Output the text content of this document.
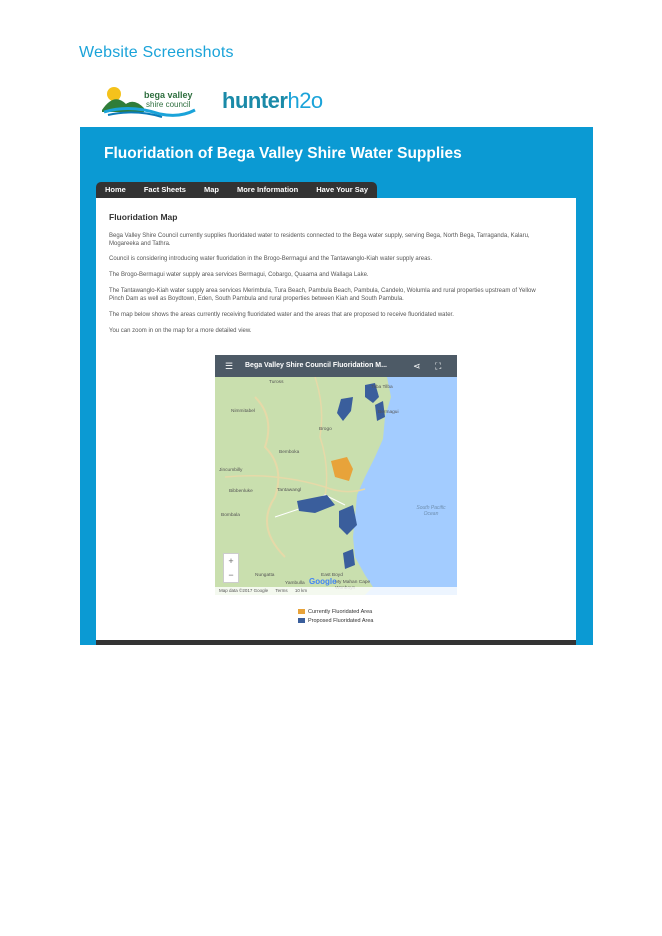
Website Screenshots
bega valley
shire council hunterh2o
Fluoridation of Bega Valley Shire Water Supplies
Home	Fact Sheets	Map	More Information	Have Your Say
Fluoridation Map
Bega Valley Shire Council currently supplies fluoridated water to residents connected to the Bega water supply, serving Bega, North Bega, Tarraganda, Kalaru, Mogareeka and Tathra.
Council is considering introducing water fluoridation in the Brogo-Bermagui and the Tantawanglo-Kiah water supply areas.
The Brogo-Bermagui water supply area services Bermagui, Cobargo, Quaama and Wallaga Lake.
The Tantawanglo-Kiah water supply area services Merimbula, Tura Beach, Pambula Beach, Pambula, Candelo, Wolumla and rural properties upstream of Yellow Pinch Dam as well as Boydtown, Eden, South Pambula and rural properties between Kiah and South Pambula.
The map below shows the areas currently receiving fluoridated water and the areas that are proposed to receive fluoridated water.
You can zoom in on the map for a more detailed view.
☰ Bega Valley Shire Council Fluoridation M...	⋖ ⛶
Tuross
Tilba Tilba
Bermagui
Nimmitabel
Brogo
Bemboka
Jincumbilly
Bibbenluke	Tantawangl
Bombala
Nungatta
Yambulla
East Boyd
My Mahan Cape
South Pacific Ocean
+
−
Google
Map data ©2017 Google Terms 10 km
Currently Fluoridated Area
Proposed Fluoridated Area
